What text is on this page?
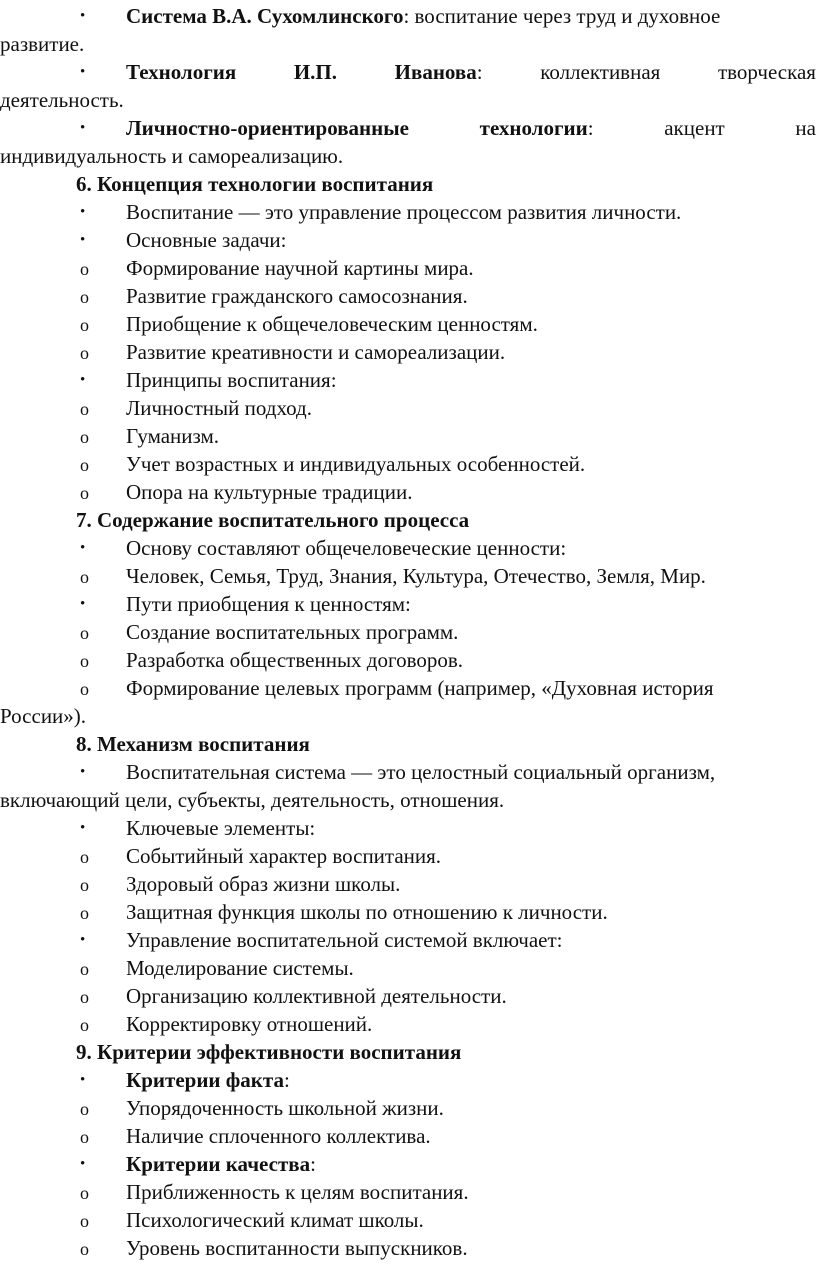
• Система В.А. Сухомлинского: воспитание через труд и духовное
развитие.
• Технология	И.П.	Иванова:	коллективная	творческая
деятельность.
• Личностно-ориентированные	технологии:	акцент	на
индивидуальность и самореализацию.
6. Концепция технологии воспитания
• Воспитание — это управление процессом развития личности.
• Основные задачи:
o Формирование научной картины мира.
o Развитие гражданского самосознания.
o Приобщение к общечеловеческим ценностям.
o Развитие креативности и самореализации.
• Принципы воспитания:
o Личностный подход.
o Гуманизм.
o Учет возрастных и индивидуальных особенностей.
o Опора на культурные традиции.
7. Содержание воспитательного процесса
• Основу составляют общечеловеческие ценности:
o Человек, Семья, Труд, Знания, Культура, Отечество, Земля, Мир.
• Пути приобщения к ценностям:
o Создание воспитательных программ.
o Разработка общественных договоров.
o Формирование целевых программ (например, «Духовная история
России»).
8. Механизм воспитания
• Воспитательная система — это целостный социальный организм,
включающий цели, субъекты, деятельность, отношения.
• Ключевые элементы:
o Событийный характер воспитания.
o Здоровый образ жизни школы.
o Защитная функция школы по отношению к личности.
• Управление воспитательной системой включает:
o Моделирование системы.
o Организацию коллективной деятельности.
o Корректировку отношений.
9. Критерии эффективности воспитания
• Критерии факта:
o Упорядоченность школьной жизни.
o Наличие сплоченного коллектива.
• Критерии качества:
o Приближенность к целям воспитания.
o Психологический климат школы.
o Уровень воспитанности выпускников.
